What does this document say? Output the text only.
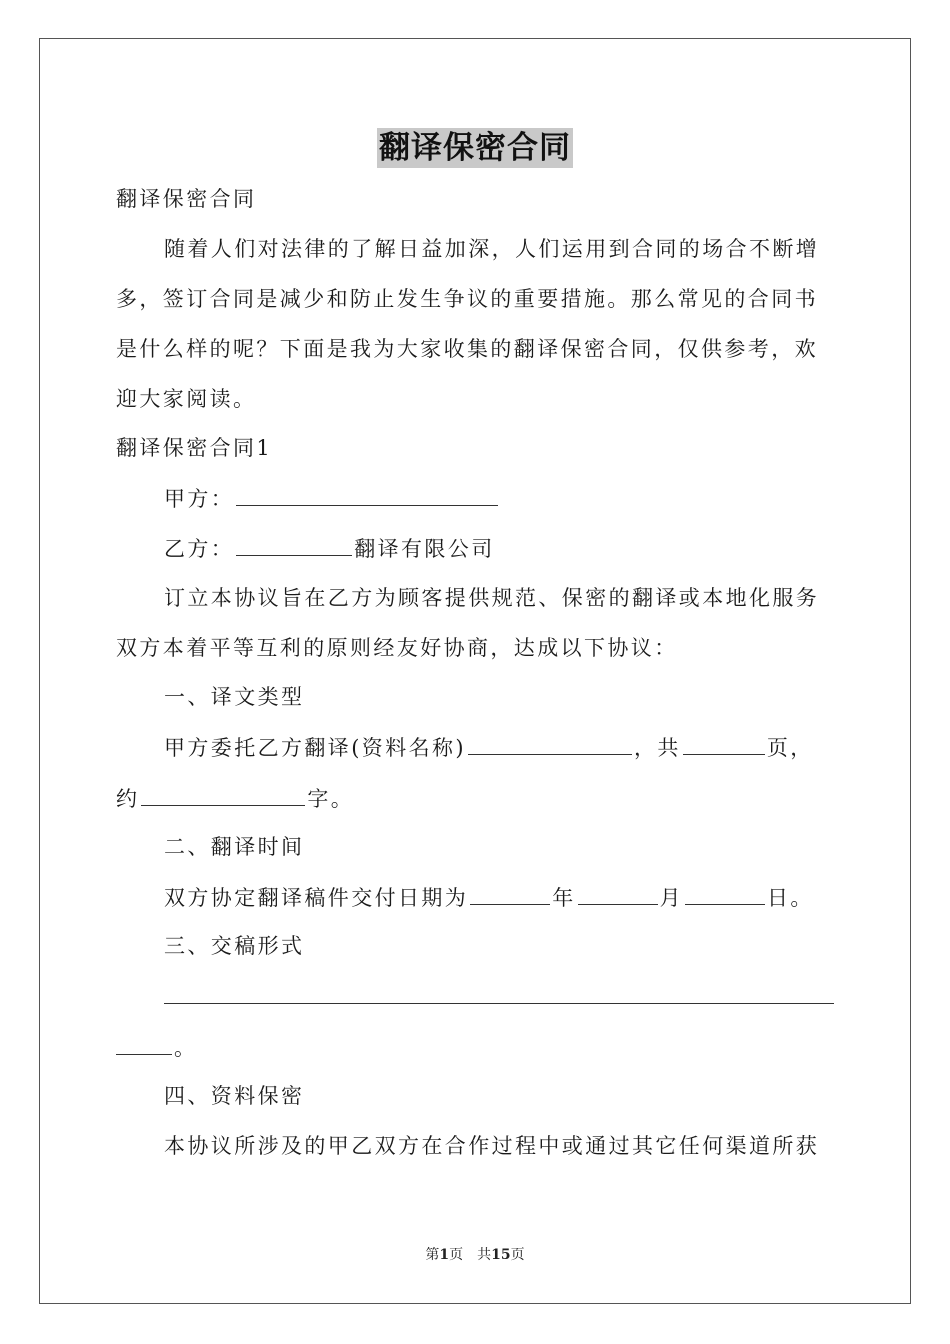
翻译保密合同
翻译保密合同
随着人们对法律的了解日益加深，人们运用到合同的场合不断增
多，签订合同是减少和防止发生争议的重要措施。那么常见的合同书
是什么样的呢？下面是我为大家收集的翻译保密合同，仅供参考，欢
迎大家阅读。
翻译保密合同1
甲方：
乙方：	翻译有限公司
订立本协议旨在乙方为顾客提供规范、保密的翻译或本地化服务
双方本着平等互利的原则经友好协商，达成以下协议：
一、译文类型
甲方委托乙方翻译(资料名称)	，共	页，
约	字。
二、翻译时间
双方协定翻译稿件交付日期为	年	月	日。
三、交稿形式
。
四、资料保密
本协议所涉及的甲乙双方在合作过程中或通过其它任何渠道所获
第1页　共15页
